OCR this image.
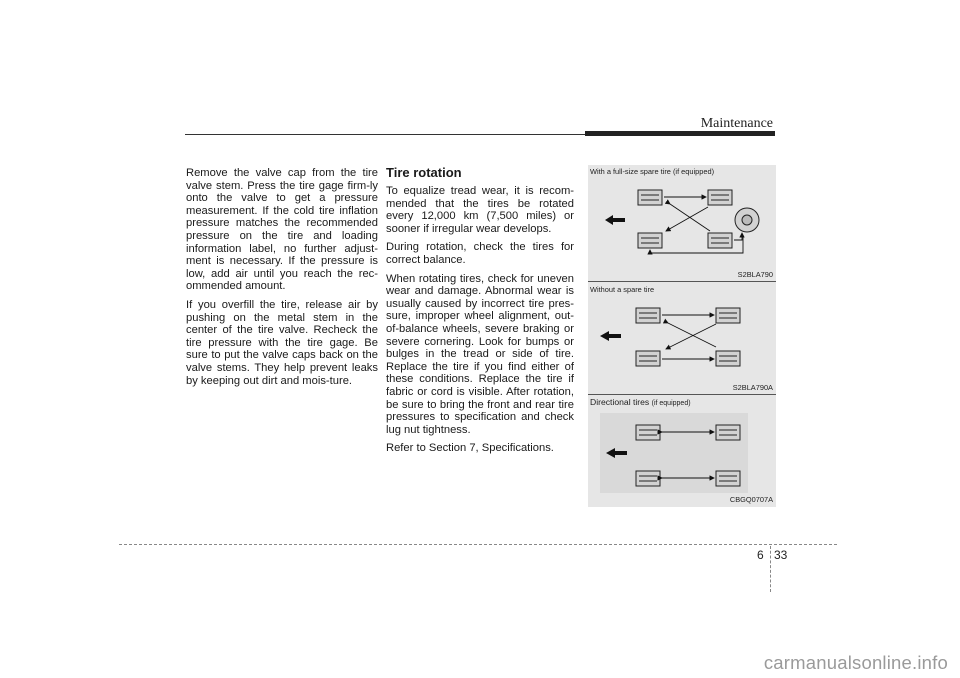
Maintenance

Remove the valve cap from the tire valve stem. Press the tire gage firm-ly onto the valve to get a pressure measurement. If the cold tire inflation pressure matches the recommended pressure on the tire and loading information label, no further adjust-ment is necessary. If the pressure is low, add air until you reach the rec-ommended amount.

If you overfill the tire, release air by pushing on the metal stem in the center of the tire valve. Recheck the tire pressure with the tire gage. Be sure to put the valve caps back on the valve stems. They help prevent leaks by keeping out dirt and mois-ture.

Tire rotation

To equalize tread wear, it is recom-mended that the tires be rotated every 12,000 km (7,500 miles) or sooner if irregular wear develops.

During rotation, check the tires for correct balance.

When rotating tires, check for uneven wear and damage. Abnormal wear is usually caused by incorrect tire pres-sure, improper wheel alignment, out-of-balance wheels, severe braking or severe cornering. Look for bumps or bulges in the tread or side of tire. Replace the tire if you find either of these conditions. Replace the tire if fabric or cord is visible. After rotation, be sure to bring the front and rear tire pressures to specification and check lug nut tightness.

Refer to Section 7, Specifications.

With a full-size spare tire (if equipped)
S2BLA790
Without a spare tire
S2BLA790A
Directional tires (if equipped)
CBGQ0707A
6 33
carmanualsonline.info
